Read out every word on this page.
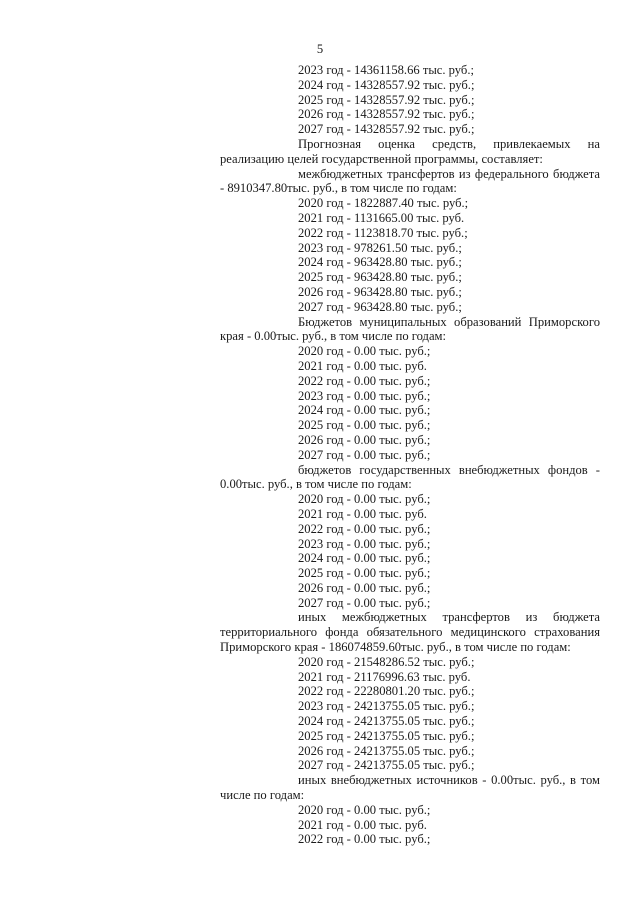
5
2023 год - 14361158.66 тыс. руб.;
2024 год - 14328557.92 тыс. руб.;
2025 год - 14328557.92 тыс. руб.;
2026 год - 14328557.92 тыс. руб.;
2027 год - 14328557.92 тыс. руб.;
Прогнозная оценка средств, привлекаемых на реализацию целей государственной программы, составляет:
межбюджетных трансфертов из федерального бюджета - 8910347.80тыс. руб., в том числе по годам:
2020 год - 1822887.40 тыс. руб.;
2021 год - 1131665.00 тыс. руб.
2022 год - 1123818.70 тыс. руб.;
2023 год - 978261.50 тыс. руб.;
2024 год - 963428.80 тыс. руб.;
2025 год - 963428.80 тыс. руб.;
2026 год - 963428.80 тыс. руб.;
2027 год - 963428.80 тыс. руб.;
Бюджетов муниципальных образований Приморского края - 0.00тыс. руб., в том числе по годам:
2020 год - 0.00 тыс. руб.;
2021 год - 0.00 тыс. руб.
2022 год - 0.00 тыс. руб.;
2023 год - 0.00 тыс. руб.;
2024 год - 0.00 тыс. руб.;
2025 год - 0.00 тыс. руб.;
2026 год - 0.00 тыс. руб.;
2027 год - 0.00 тыс. руб.;
бюджетов государственных внебюджетных фондов - 0.00тыс. руб., в том числе по годам:
2020 год - 0.00 тыс. руб.;
2021 год - 0.00 тыс. руб.
2022 год - 0.00 тыс. руб.;
2023 год - 0.00 тыс. руб.;
2024 год - 0.00 тыс. руб.;
2025 год - 0.00 тыс. руб.;
2026 год - 0.00 тыс. руб.;
2027 год - 0.00 тыс. руб.;
иных межбюджетных трансфертов из бюджета территориального фонда обязательного медицинского страхования Приморского края - 186074859.60тыс. руб., в том числе по годам:
2020 год - 21548286.52 тыс. руб.;
2021 год - 21176996.63 тыс. руб.
2022 год - 22280801.20 тыс. руб.;
2023 год - 24213755.05 тыс. руб.;
2024 год - 24213755.05 тыс. руб.;
2025 год - 24213755.05 тыс. руб.;
2026 год - 24213755.05 тыс. руб.;
2027 год - 24213755.05 тыс. руб.;
иных внебюджетных источников - 0.00тыс. руб., в том числе по годам:
2020 год - 0.00 тыс. руб.;
2021 год - 0.00 тыс. руб.
2022 год - 0.00 тыс. руб.;
